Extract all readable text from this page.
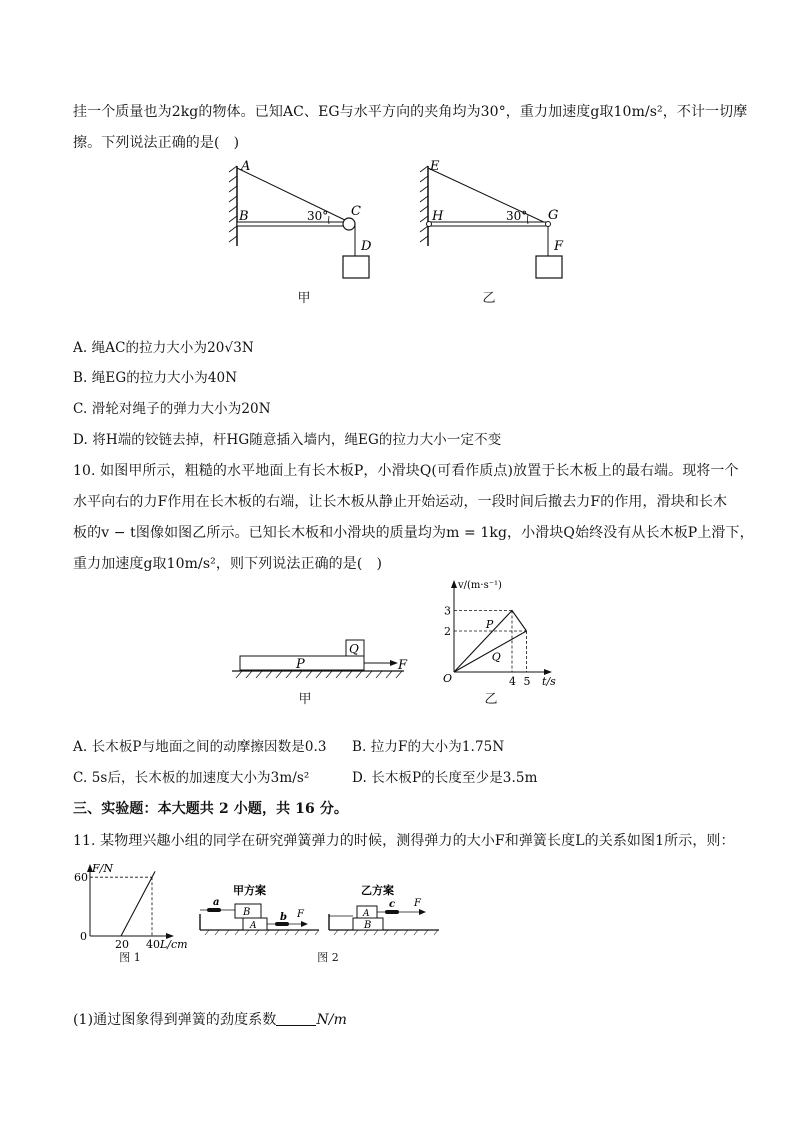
挂一个质量也为2kg的物体。已知AC、EG与水平方向的夹角均为30°，重力加速度g取10m/s²，不计一切摩
擦。下列说法正确的是(　)
A
B	30° C
D
甲
E
H	30° G
F
乙
A. 绳AC的拉力大小为20√3N
B. 绳EG的拉力大小为40N
C. 滑轮对绳子的弹力大小为20N
D. 将H端的铰链去掉，杆HG随意插入墙内，绳EG的拉力大小一定不变
10. 如图甲所示，粗糙的水平地面上有长木板P，小滑块Q(可看作质点)放置于长木板上的最右端。现将一个
水平向右的力F作用在长木板的右端，让长木板从静止开始运动，一段时间后撤去力F的作用，滑块和长木
板的v − t图像如图乙所示。已知长木板和小滑块的质量均为m = 1kg，小滑块Q始终没有从长木板P上滑下，
重力加速度g取10m/s²，则下列说法正确的是(　)
Q
P	F
甲
v/(m·s⁻¹)
t/s
O
3
2
4 5
P
Q
乙
A. 长木板P与地面之间的动摩擦因数是0.3 B. 拉力F的大小为1.75N
C. 5s后，长木板的加速度大小为3m/s²	D. 长木板P的长度至少是3.5m
三、实验题：本大题共 2 小题，共 16 分。
11. 某物理兴趣小组的同学在研究弹簧弹力的时候，测得弹力的大小F和弹簧长度L的关系如图1所示，则：
F/N
L/cm
60
0
20 40
图 1
甲方案
a
B
A
b F
乙方案
A
B
c F
图 2
(1)通过图象得到弹簧的劲度系数	N/m
